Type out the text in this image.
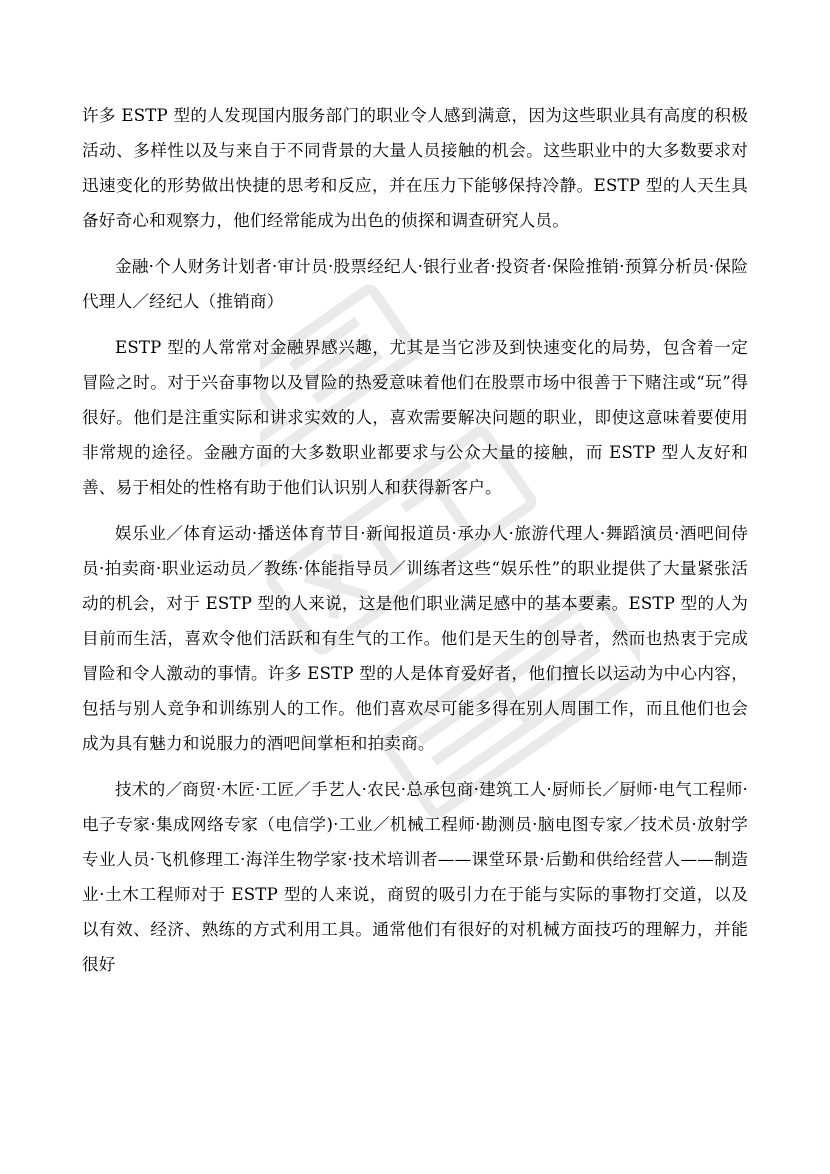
许多 ESTP 型的人发现国内服务部门的职业令人感到满意，因为这些职业具有高度的积极活动、多样性以及与来自于不同背景的大量人员接触的机会。这些职业中的大多数要求对迅速变化的形势做出快捷的思考和反应，并在压力下能够保持冷静。ESTP 型的人天生具备好奇心和观察力，他们经常能成为出色的侦探和调查研究人员。

金融·个人财务计划者·审计员·股票经纪人·银行业者·投资者·保险推销·预算分析员·保险代理人／经纪人（推销商）

ESTP 型的人常常对金融界感兴趣，尤其是当它涉及到快速变化的局势，包含着一定冒险之时。对于兴奋事物以及冒险的热爱意味着他们在股票市场中很善于下赌注或“玩”得很好。他们是注重实际和讲求实效的人，喜欢需要解决问题的职业，即使这意味着要使用非常规的途径。金融方面的大多数职业都要求与公众大量的接触，而 ESTP 型人友好和善、易于相处的性格有助于他们认识别人和获得新客户。

娱乐业／体育运动·播送体育节目·新闻报道员·承办人·旅游代理人·舞蹈演员·酒吧间侍员·拍卖商·职业运动员／教练·体能指导员／训练者这些“娱乐性”的职业提供了大量紧张活动的机会，对于 ESTP 型的人来说，这是他们职业满足感中的基本要素。ESTP 型的人为目前而生活，喜欢令他们活跃和有生气的工作。他们是天生的创导者，然而也热衷于完成冒险和令人激动的事情。许多 ESTP 型的人是体育爱好者，他们擅长以运动为中心内容，包括与别人竞争和训练别人的工作。他们喜欢尽可能多得在别人周围工作，而且他们也会成为具有魅力和说服力的酒吧间掌柜和拍卖商。

技术的／商贸·木匠·工匠／手艺人·农民·总承包商·建筑工人·厨师长／厨师·电气工程师·电子专家·集成网络专家（电信学)·工业／机械工程师·勘测员·脑电图专家／技术员·放射学专业人员·飞机修理工·海洋生物学家·技术培训者——课堂环景·后勤和供给经营人——制造业·土木工程师对于 ESTP 型的人来说，商贸的吸引力在于能与实际的事物打交道，以及以有效、经济、熟练的方式利用工具。通常他们有很好的对机械方面技巧的理解力，并能很好
